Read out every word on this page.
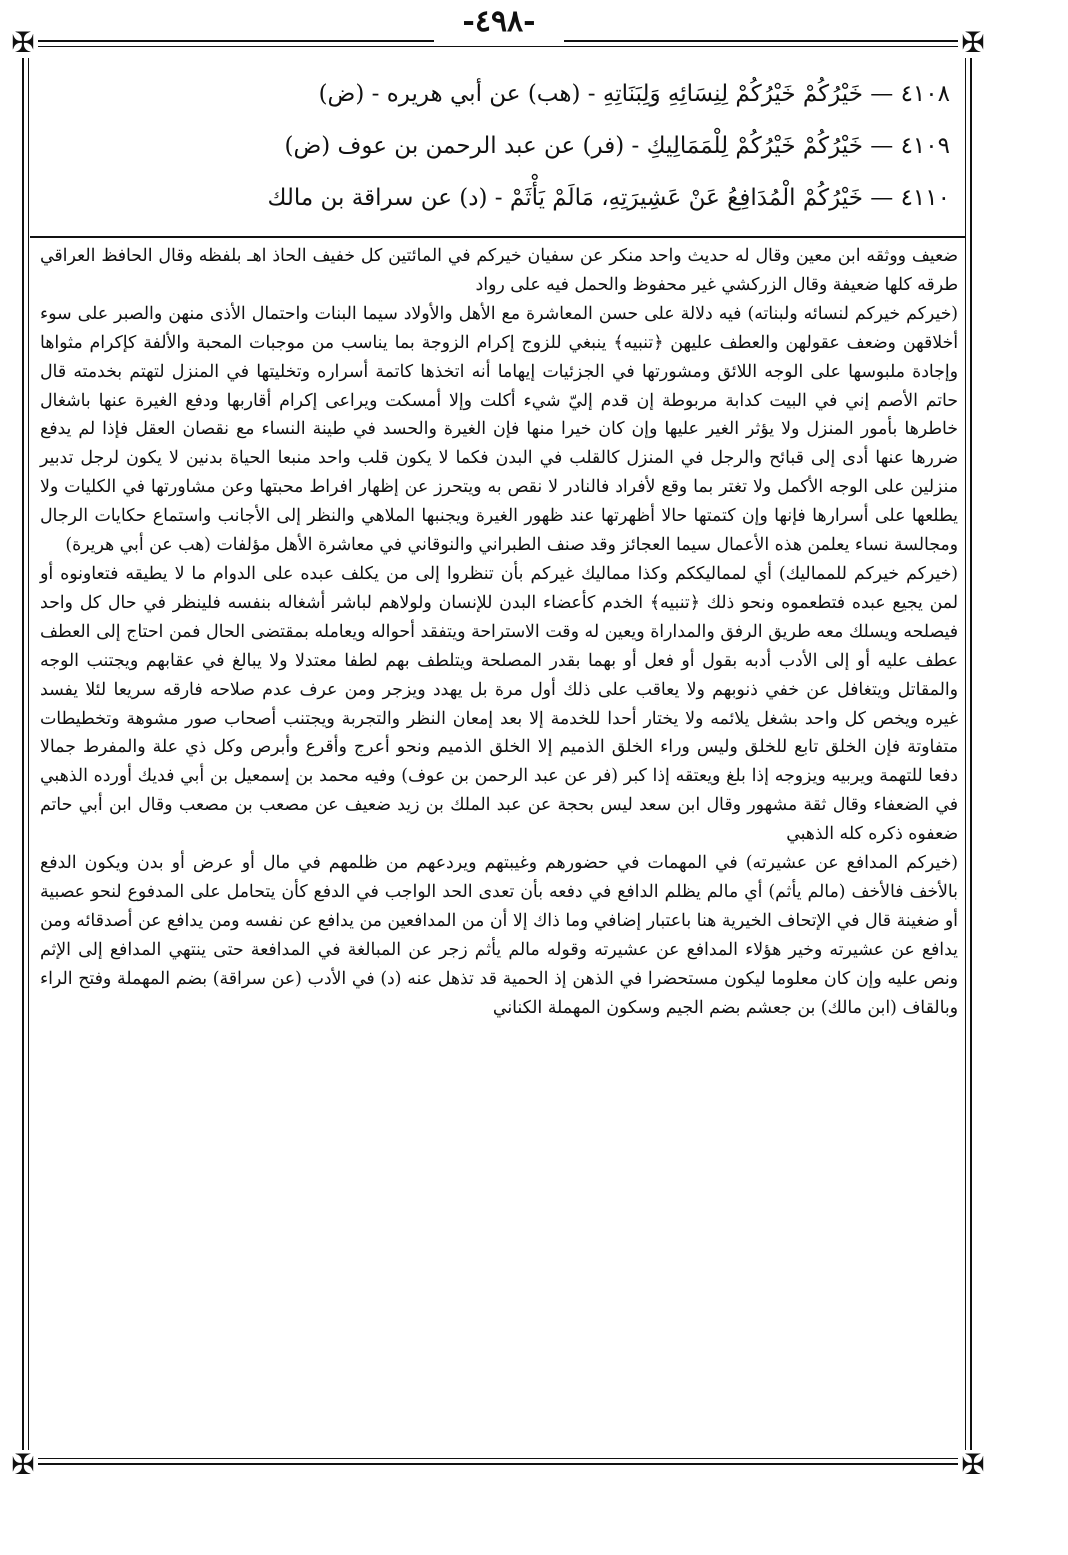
✠	✠
✠	✠
-٤٩٨-
٤١٠٨ — خَيْرُكُمْ خَيْرُكُمْ لِنِسَائِهِ وَلِبَنَاتِهِ - (هب) عن أبي هريره - (ض)
٤١٠٩ — خَيْرُكُمْ خَيْرُكُمْ لِلْمَمَالِيكِ - (فر) عن عبد الرحمن بن عوف (ض)
٤١١٠ — خَيْرُكُمْ الْمُدَافِعُ عَنْ عَشِيرَتِهِ، مَالَمْ يَأْثَمْ - (د) عن سراقة بن مالك

ضعيف ووثقه ابن معين وقال له حديث واحد منكر عن سفيان خيركم في المائتين كل خفيف الحاذ اهـ بلفظه وقال الحافظ العراقي طرقه كلها ضعيفة وقال الزركشي غير محفوظ والحمل فيه على رواد

(خيركم خيركم لنسائه ولبناته) فيه دلالة على حسن المعاشرة مع الأهل والأولاد سيما البنات واحتمال الأذى منهن والصبر على سوء أخلاقهن وضعف عقولهن والعطف عليهن ﴿تنبيه﴾ ينبغي للزوج إكرام الزوجة بما يناسب من موجبات المحبة والألفة كإكرام مثواها وإجادة ملبوسها على الوجه اللائق ومشورتها في الجزئيات إيهاما أنه اتخذها كاتمة أسراره وتخليتها في المنزل لتهتم بخدمته قال حاتم الأصم إني في البيت كدابة مربوطة إن قدم إليّ شيء أكلت وإلا أمسكت ويراعى إكرام أقاربها ودفع الغيرة عنها باشغال خاطرها بأمور المنزل ولا يؤثر الغير عليها وإن كان خيرا منها فإن الغيرة والحسد في طينة النساء مع نقصان العقل فإذا لم يدفع ضررها عنها أدى إلى قبائح والرجل في المنزل كالقلب في البدن فكما لا يكون قلب واحد منبعا الحياة بدنين لا يكون لرجل تدبير منزلين على الوجه الأكمل ولا تغتر بما وقع لأفراد فالنادر لا نقص به ويتحرز عن إظهار افراط محبتها وعن مشاورتها في الكليات ولا يطلعها على أسرارها فإنها وإن كتمتها حالا أظهرتها عند ظهور الغيرة ويجنبها الملاهي والنظر إلى الأجانب واستماع حكايات الرجال ومجالسة نساء يعلمن هذه الأعمال سيما العجائز وقد صنف الطبراني والنوقاني في معاشرة الأهل مؤلفات (هب عن أبي هريرة)

(خيركم خيركم للمماليك) أي لمماليككم وكذا مماليك غيركم بأن تنظروا إلى من يكلف عبده على الدوام ما لا يطيقه فتعاونوه أو لمن يجيع عبده فتطعموه ونحو ذلك ﴿تنبيه﴾ الخدم كأعضاء البدن للإنسان ولولاهم لباشر أشغاله بنفسه فلينظر في حال كل واحد فيصلحه ويسلك معه طريق الرفق والمداراة ويعين له وقت الاستراحة ويتفقد أحواله ويعامله بمقتضى الحال فمن احتاج إلى العطف عطف عليه أو إلى الأدب أدبه بقول أو فعل أو بهما بقدر المصلحة ويتلطف بهم لطفا معتدلا ولا يبالغ في عقابهم ويجتنب الوجه والمقاتل ويتغافل عن خفي ذنوبهم ولا يعاقب على ذلك أول مرة بل يهدد ويزجر ومن عرف عدم صلاحه فارقه سريعا لئلا يفسد غيره ويخص كل واحد بشغل يلائمه ولا يختار أحدا للخدمة إلا بعد إمعان النظر والتجربة ويجتنب أصحاب صور مشوهة وتخطيطات متفاوتة فإن الخلق تابع للخلق وليس وراء الخلق الذميم إلا الخلق الذميم ونحو أعرج وأقرع وأبرص وكل ذي علة والمفرط جمالا دفعا للتهمة ويربيه ويزوجه إذا بلغ ويعتقه إذا كبر (فر عن عبد الرحمن بن عوف) وفيه محمد بن إسمعيل بن أبي فديك أورده الذهبي في الضعفاء وقال ثقة مشهور وقال ابن سعد ليس بحجة عن عبد الملك بن زيد ضعيف عن مصعب بن مصعب وقال ابن أبي حاتم ضعفوه ذكره كله الذهبي

(خيركم المدافع عن عشيرته) في المهمات في حضورهم وغيبتهم ويردعهم من ظلمهم في مال أو عرض أو بدن ويكون الدفع بالأخف فالأخف (مالم يأثم) أي مالم يظلم الدافع في دفعه بأن تعدى الحد الواجب في الدفع كأن يتحامل على المدفوع لنحو عصبية أو ضغينة قال في الإتحاف الخيرية هنا باعتبار إضافي وما ذاك إلا أن من المدافعين من يدافع عن نفسه ومن يدافع عن أصدقائه ومن يدافع عن عشيرته وخير هؤلاء المدافع عن عشيرته وقوله مالم يأثم زجر عن المبالغة في المدافعة حتى ينتهي المدافع إلى الإثم ونص عليه وإن كان معلوما ليكون مستحضرا في الذهن إذ الحمية قد تذهل عنه (د) في الأدب (عن سراقة) بضم المهملة وفتح الراء وبالقاف (ابن مالك) بن جعشم بضم الجيم وسكون المهملة الكناني
